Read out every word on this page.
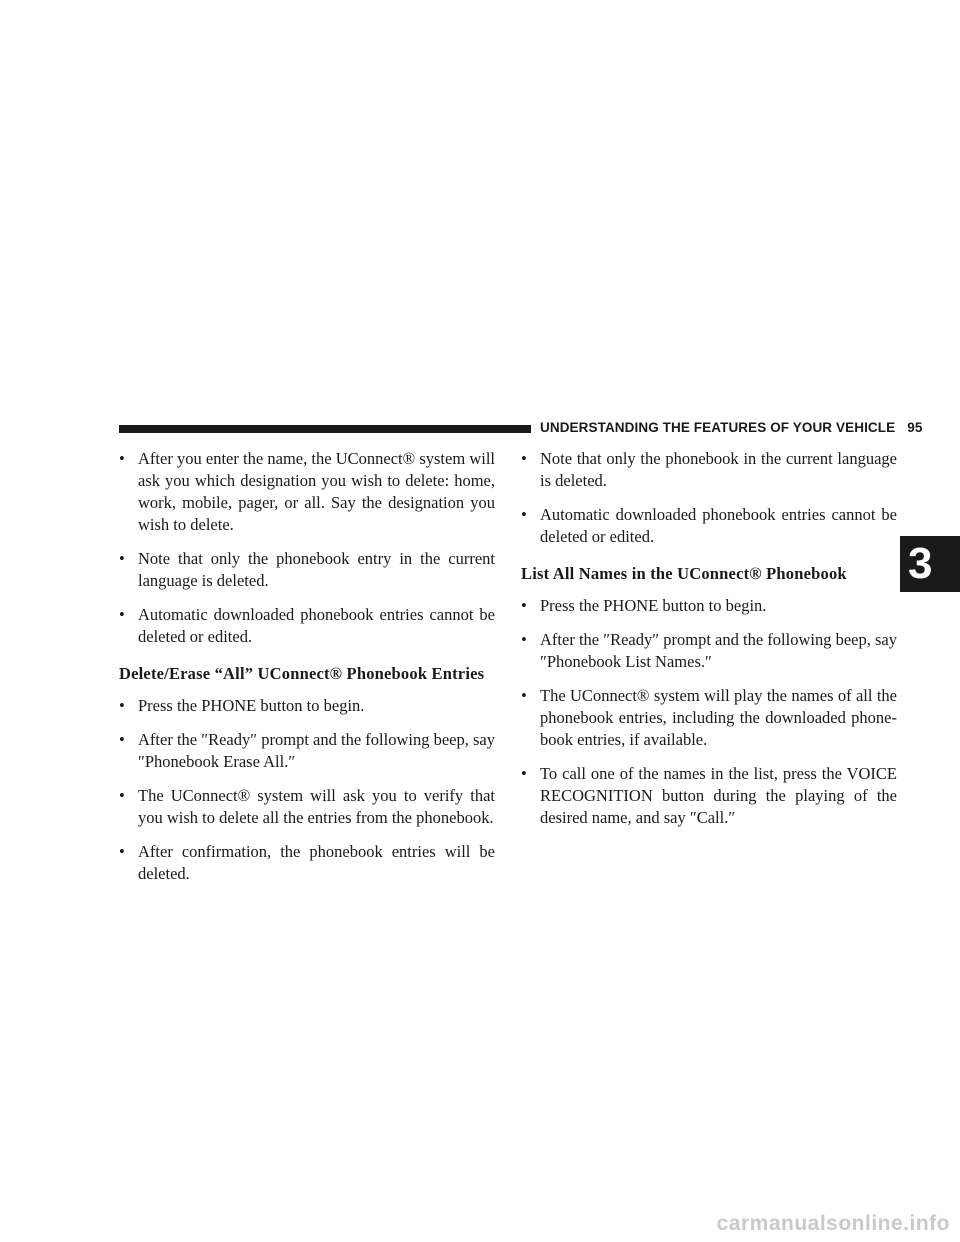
UNDERSTANDING THE FEATURES OF YOUR VEHICLE 95
3
• After you enter the name, the UConnect® system will ask you which designation you wish to delete: home, work, mobile, pager, or all. Say the designation you wish to delete.
• Note that only the phonebook entry in the current language is deleted.
• Automatic downloaded phonebook entries cannot be deleted or edited.
Delete/Erase “All” UConnect® Phonebook Entries
• Press the PHONE button to begin.
• After the ″Ready″ prompt and the following beep, say ″Phonebook Erase All.″
• The UConnect® system will ask you to verify that you wish to delete all the entries from the phonebook.
• After confirmation, the phonebook entries will be deleted.
• Note that only the phonebook in the current language is deleted.
• Automatic downloaded phonebook entries cannot be deleted or edited.
List All Names in the UConnect® Phonebook
• Press the PHONE button to begin.
• After the ″Ready″ prompt and the following beep, say ″Phonebook List Names.″
• The UConnect® system will play the names of all the phonebook entries, including the downloaded phone-book entries, if available.
• To call one of the names in the list, press the VOICE RECOGNITION button during the playing of the desired name, and say ″Call.″
carmanualsonline.info
